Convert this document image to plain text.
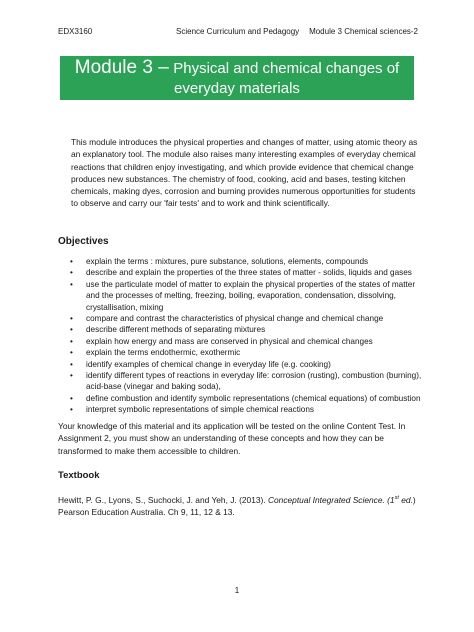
EDX3160	Science Curriculum and Pedagogy Module 3 Chemical sciences-2
Module 3 – Physical and chemical changes of
everyday materials

This module introduces the physical properties and changes of matter, using atomic theory as an explanatory tool. The module also raises many interesting examples of everyday chemical reactions that children enjoy investigating, and which provide evidence that chemical change produces new substances. The chemistry of food, cooking, acid and bases, testing kitchen chemicals, making dyes, corrosion and burning provides numerous opportunities for students to observe and carry our 'fair tests' and to work and think scientifically.

Objectives
• explain the terms : mixtures, pure substance, solutions, elements, compounds
• describe and explain the properties of the three states of matter - solids, liquids and gases
• use the particulate model of matter to explain the physical properties of the states of matter and the processes of melting, freezing, boiling, evaporation, condensation, dissolving, crystallisation, mixing
• compare and contrast the characteristics of physical change and chemical change
• describe different methods of separating mixtures
• explain how energy and mass are conserved in physical and chemical changes
• explain the terms endothermic, exothermic
• identify examples of chemical change in everyday life (e.g. cooking)
• identify different types of reactions in everyday life: corrosion (rusting), combustion (burning), acid-base (vinegar and baking soda),
• define combustion and identify symbolic representations (chemical equations) of combustion
• interpret symbolic representations of simple chemical reactions

Your knowledge of this material and its application will be tested on the online Content Test. In Assignment 2, you must show an understanding of these concepts and how they can be transformed to make them accessible to children.

Textbook

Hewitt, P. G., Lyons, S., Suchocki, J. and Yeh, J. (2013). Conceptual Integrated Science. (1st ed.)
Pearson Education Australia. Ch 9, 11, 12 & 13.

1
